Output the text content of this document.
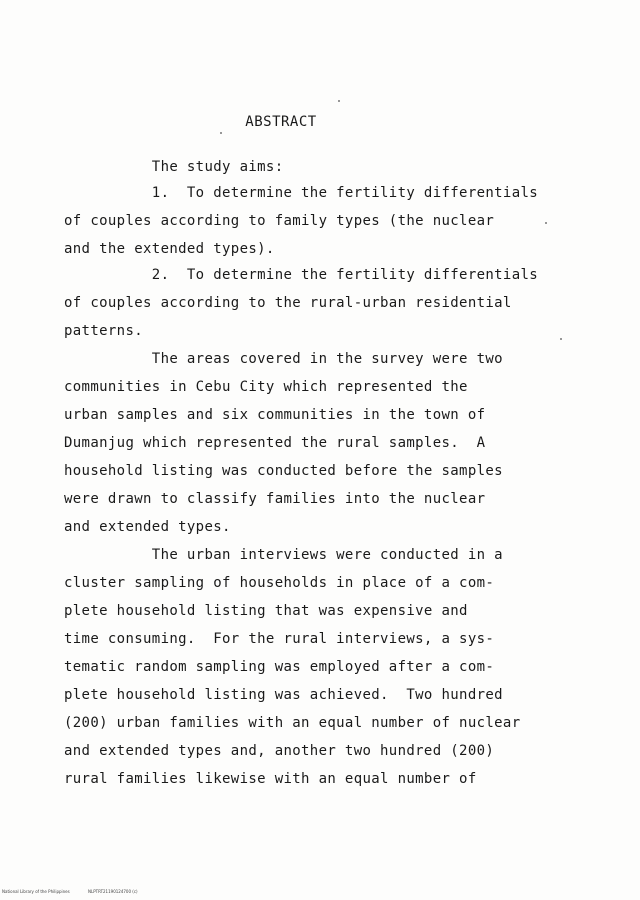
ABSTRACT
The study aims:
1.  To determine the fertility differentials
of couples according to family types (the nuclear
and the extended types).
2.  To determine the fertility differentials
of couples according to the rural-urban residential
patterns.
The areas covered in the survey were two
communities in Cebu City which represented the
urban samples and six communities in the town of
Dumanjug which represented the rural samples.  A
household listing was conducted before the samples
were drawn to classify families into the nuclear
and extended types.
The urban interviews were conducted in a
cluster sampling of households in place of a com-
plete household listing that was expensive and
time consuming.  For the rural interviews, a sys-
tematic random sampling was employed after a com-
plete household listing was achieved.  Two hundred
(200) urban families with an equal number of nuclear
and extended types and, another two hundred (200)
rural families likewise with an equal number of
National Library of the Philippines	NLPTRT21190124700 (c)
